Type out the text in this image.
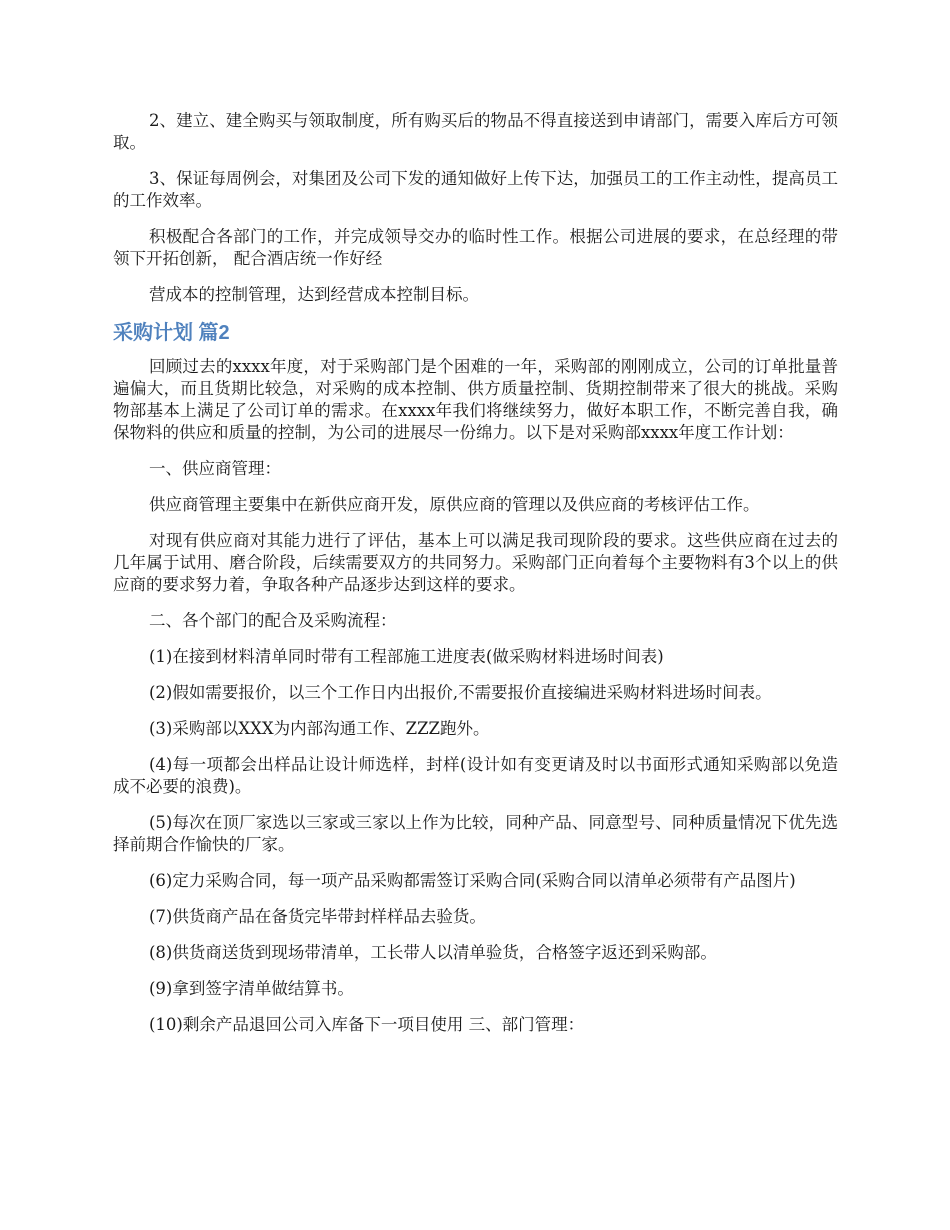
2、建立、建全购买与领取制度，所有购买后的物品不得直接送到申请部门，需要入库后方可领取。

3、保证每周例会，对集团及公司下发的通知做好上传下达，加强员工的工作主动性，提高员工的工作效率。

积极配合各部门的工作，并完成领导交办的临时性工作。根据公司进展的要求，在总经理的带领下开拓创新， 配合酒店统一作好经

营成本的控制管理，达到经营成本控制目标。

采购计划 篇2

回顾过去的xxxx年度，对于采购部门是个困难的一年，采购部的刚刚成立，公司的订单批量普遍偏大，而且货期比较急，对采购的成本控制、供方质量控制、货期控制带来了很大的挑战。采购物部基本上满足了公司订单的需求。在xxxx年我们将继续努力，做好本职工作，不断完善自我，确保物料的供应和质量的控制，为公司的进展尽一份绵力。以下是对采购部xxxx年度工作计划：

一、供应商管理：

供应商管理主要集中在新供应商开发，原供应商的管理以及供应商的考核评估工作。

对现有供应商对其能力进行了评估，基本上可以满足我司现阶段的要求。这些供应商在过去的几年属于试用、磨合阶段，后续需要双方的共同努力。采购部门正向着每个主要物料有3个以上的供应商的要求努力着，争取各种产品逐步达到这样的要求。

二、各个部门的配合及采购流程：

(1)在接到材料清单同时带有工程部施工进度表(做采购材料进场时间表)

(2)假如需要报价，以三个工作日内出报价,不需要报价直接编进采购材料进场时间表。

(3)采购部以XXX为内部沟通工作、ZZZ跑外。

(4)每一项都会出样品让设计师选样，封样(设计如有变更请及时以书面形式通知采购部以免造成不必要的浪费)。

(5)每次在顶厂家选以三家或三家以上作为比较，同种产品、同意型号、同种质量情况下优先选择前期合作愉快的厂家。

(6)定力采购合同，每一项产品采购都需签订采购合同(采购合同以清单必须带有产品图片)

(7)供货商产品在备货完毕带封样样品去验货。

(8)供货商送货到现场带清单，工长带人以清单验货，合格签字返还到采购部。

(9)拿到签字清单做结算书。

(10)剩余产品退回公司入库备下一项目使用 三、部门管理：
